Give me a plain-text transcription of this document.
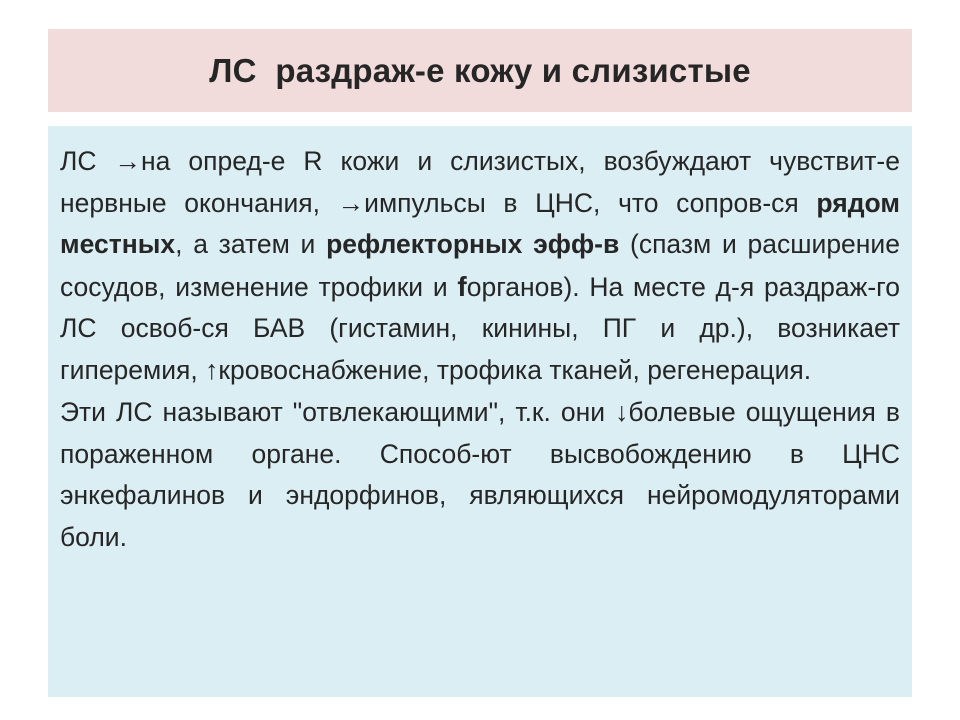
ЛС  раздраж-е кожу и слизистые

ЛС →на опред-е R кожи и слизистых, возбуждают чувствит-е нервные окончания, →импульсы в ЦНС, что сопров-ся рядом местных, а затем и рефлекторных эфф-в (спазм и расширение сосудов, изменение трофики и fорганов). На месте д-я раздраж-го ЛС освоб-ся БАВ (гистамин, кинины, ПГ и др.), возникает гиперемия, ↑кровоснабжение, трофика тканей, регенерация.

Эти ЛС называют "отвлекающими", т.к. они ↓болевые ощущения в пораженном органе. Способ-ют высвобождению в ЦНС энкефалинов и эндорфинов, являющихся нейромодуляторами боли.
